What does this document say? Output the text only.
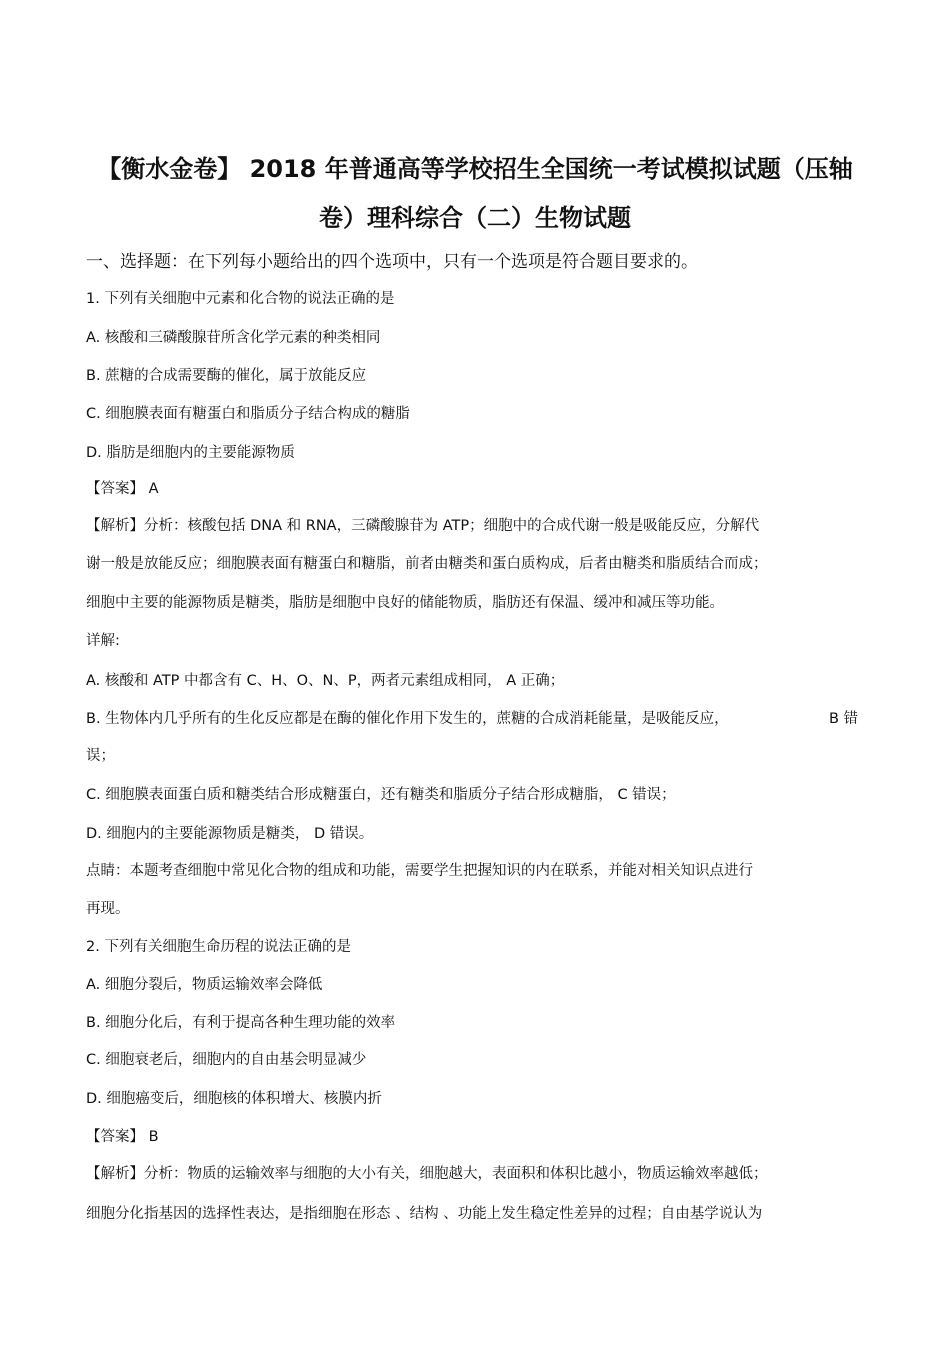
【衡水金卷】 2018 年普通高等学校招生全国统一考试模拟试题（压轴
卷）理科综合（二）生物试题
一、选择题：在下列每小题给出的四个选项中，只有一个选项是符合题目要求的。
1. 下列有关细胞中元素和化合物的说法正确的是
A. 核酸和三磷酸腺苷所含化学元素的种类相同
B. 蔗糖的合成需要酶的催化，属于放能反应
C. 细胞膜表面有糖蛋白和脂质分子结合构成的糖脂
D. 脂肪是细胞内的主要能源物质
【答案】 A
【解析】分析：核酸包括 DNA 和 RNA，三磷酸腺苷为 ATP；细胞中的合成代谢一般是吸能反应，分解代
谢一般是放能反应；细胞膜表面有糖蛋白和糖脂，前者由糖类和蛋白质构成，后者由糖类和脂质结合而成；
细胞中主要的能源物质是糖类，脂肪是细胞中良好的储能物质，脂肪还有保温、缓冲和减压等功能。
详解:
A. 核酸和 ATP 中都含有 C、H、O、N、P，两者元素组成相同， A 正确；
B. 生物体内几乎所有的生化反应都是在酶的催化作用下发生的，蔗糖的合成消耗能量，是吸能反应，	B 错
误；
C. 细胞膜表面蛋白质和糖类结合形成糖蛋白，还有糖类和脂质分子结合形成糖脂， C 错误；
D. 细胞内的主要能源物质是糖类， D 错误。
点睛：本题考查细胞中常见化合物的组成和功能，需要学生把握知识的内在联系，并能对相关知识点进行
再现。
2. 下列有关细胞生命历程的说法正确的是
A. 细胞分裂后，物质运输效率会降低
B. 细胞分化后，有利于提高各种生理功能的效率
C. 细胞衰老后，细胞内的自由基会明显减少
D. 细胞癌变后，细胞核的体积增大、核膜内折
【答案】 B
【解析】分析：物质的运输效率与细胞的大小有关，细胞越大，表面积和体积比越小，物质运输效率越低；
细胞分化指基因的选择性表达，是指细胞在形态 、结构 、功能上发生稳定性差异的过程；自由基学说认为
